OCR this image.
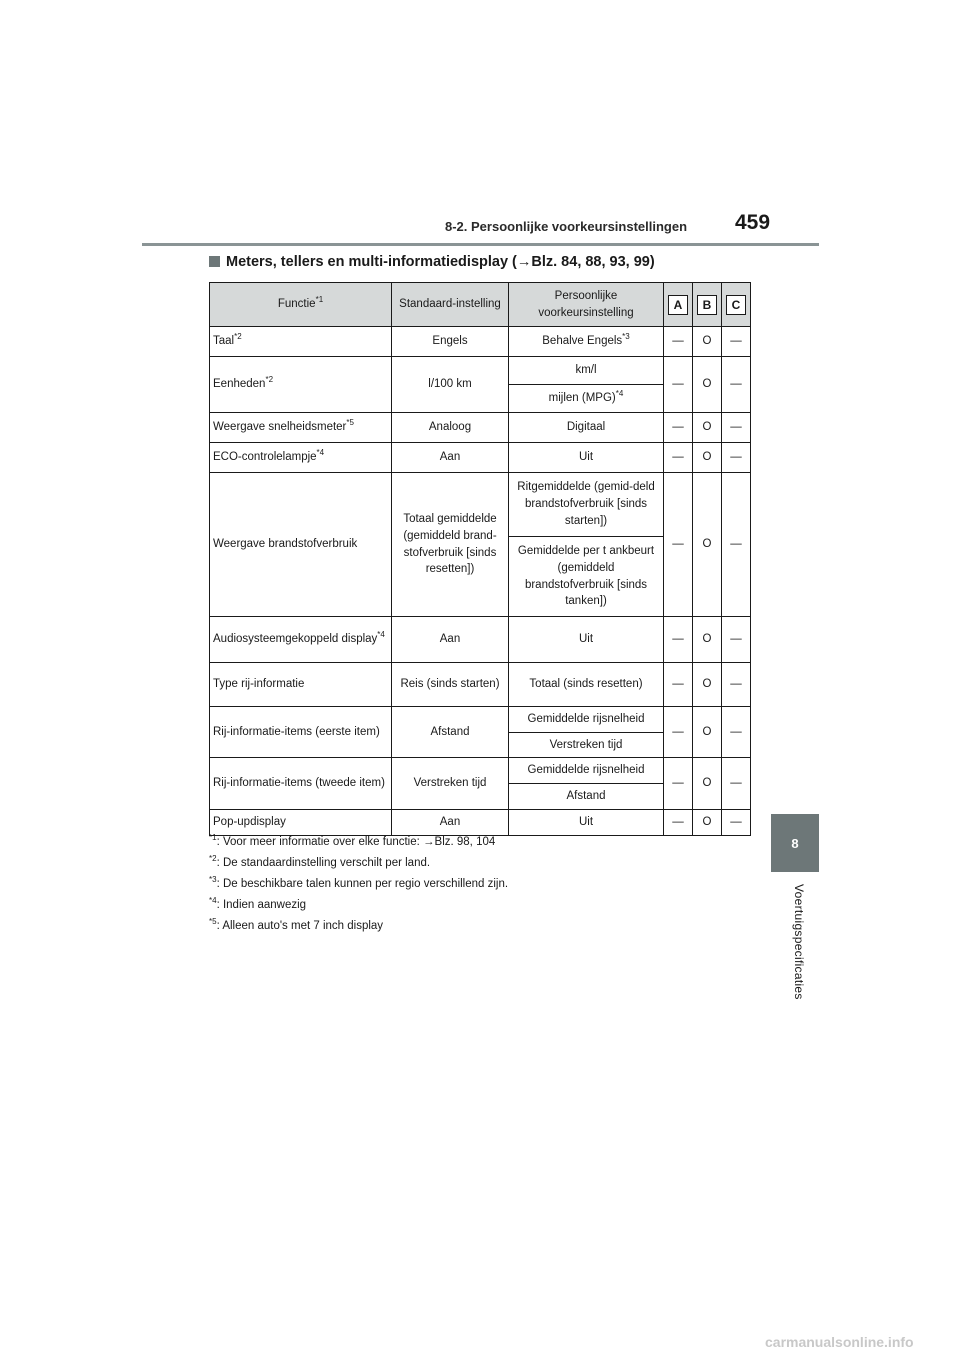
8-2. Persoonlijke voorkeursinstellingen 459
8
Voertuigspecificaties
Meters, tellers en multi-informatiedisplay (→Blz. 84, 88, 93, 99)
Functie$^{*1}$	Standaard-instelling	Persoonlijke voorkeursinstelling	A	B	C
Taal$^{*2}$	Engels	Behalve Engels$^{*3}$	—	O	—
Eenheden$^{*2}$	l/100 km	km/l	—	O	—
		mijlen (MPG)$^{*4}$
Weergave snelheidsmeter$^{*5}$	Analoog	Digitaal	—	O	—
ECO-controlelampje$^{*4}$	Aan	Uit	—	O	—
Weergave brandstofverbruik	Totaal gemiddelde (gemiddeld brand-stofverbruik [sinds resetten])	Ritgemiddelde (gemid-deld brandstofverbruik [sinds starten])	—	O	—
		Gemiddelde per t ankbeurt (gemiddeld brandstofverbruik [sinds tanken])			
Audiosysteemgekoppeld display$^{*4}$	Aan	Uit	—	O	—
Type rij-informatie	Reis (sinds starten)	Totaal (sinds resetten)	—	O	—
Rij-informatie-items (eerste item)	Afstand	Gemiddelde rijsnelheid	—	O	—
		Verstreken tijd			
Rij-informatie-items (tweede item)	Verstreken tijd	Gemiddelde rijsnelheid	—	O	—
		Afstand			
Pop-updisplay	Aan	Uit	—	O	—
$^{*1}$: Voor meer informatie over elke functie: →Blz. 98, 104
$^{*2}$: De standaardinstelling verschilt per land.
$^{*3}$: De beschikbare talen kunnen per regio verschillend zijn.
$^{*4}$: Indien aanwezig
$^{*5}$: Alleen auto's met 7 inch display
carmanualsonline.info
